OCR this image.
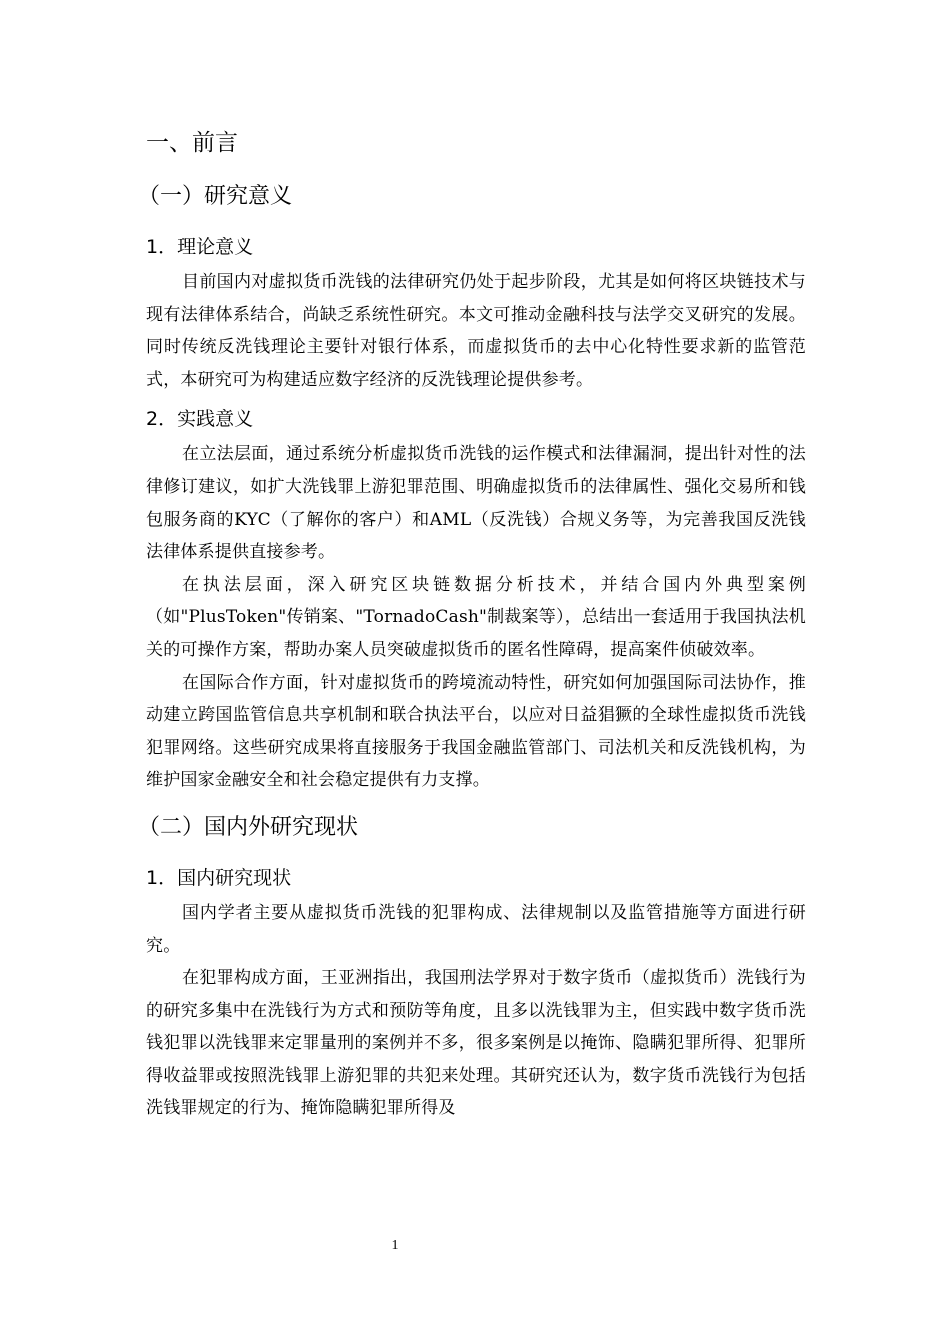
一、前言
（一）研究意义
1．理论意义

目前国内对虚拟货币洗钱的法律研究仍处于起步阶段，尤其是如何将区块链技术与现有法律体系结合，尚缺乏系统性研究。本文可推动金融科技与法学交叉研究的发展。同时传统反洗钱理论主要针对银行体系，而虚拟货币的去中心化特性要求新的监管范式，本研究可为构建适应数字经济的反洗钱理论提供参考。

2．实践意义

在立法层面，通过系统分析虚拟货币洗钱的运作模式和法律漏洞，提出针对性的法律修订建议，如扩大洗钱罪上游犯罪范围、明确虚拟货币的法律属性、强化交易所和钱包服务商的KYC（了解你的客户）和AML（反洗钱）合规义务等，为完善我国反洗钱法律体系提供直接参考。

在执法层面，深入研究区块链数据分析技术，并结合国内外典型案例（如"PlusToken"传销案、"TornadoCash"制裁案等），总结出一套适用于我国执法机关的可操作方案，帮助办案人员突破虚拟货币的匿名性障碍，提高案件侦破效率。

在国际合作方面，针对虚拟货币的跨境流动特性，研究如何加强国际司法协作，推动建立跨国监管信息共享机制和联合执法平台，以应对日益猖獗的全球性虚拟货币洗钱犯罪网络。这些研究成果将直接服务于我国金融监管部门、司法机关和反洗钱机构，为维护国家金融安全和社会稳定提供有力支撑。

（二）国内外研究现状
1．国内研究现状

国内学者主要从虚拟货币洗钱的犯罪构成、法律规制以及监管措施等方面进行研究。

在犯罪构成方面，王亚洲指出，我国刑法学界对于数字货币（虚拟货币）洗钱行为的研究多集中在洗钱行为方式和预防等角度，且多以洗钱罪为主，但实践中数字货币洗钱犯罪以洗钱罪来定罪量刑的案例并不多，很多案例是以掩饰、隐瞒犯罪所得、犯罪所得收益罪或按照洗钱罪上游犯罪的共犯来处理。其研究还认为，数字货币洗钱行为包括洗钱罪规定的行为、掩饰隐瞒犯罪所得及

1
